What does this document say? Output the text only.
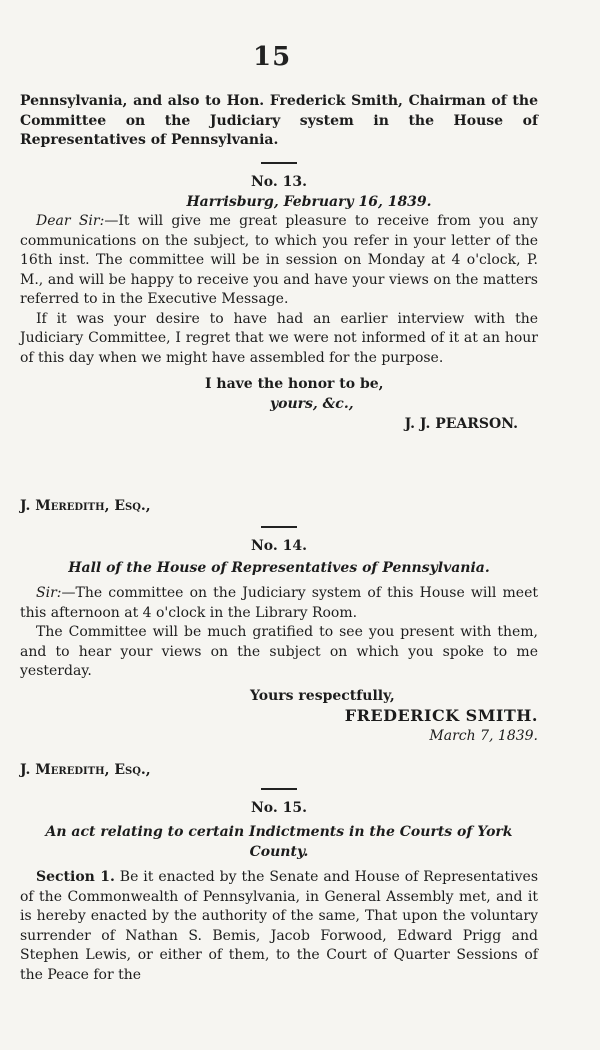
15

Pennsylvania, and also to Hon. Frederick Smith, Chairman of the Committee on the Judiciary system in the House of Representatives of Pennsylvania.

No. 13.
Harrisburg, February 16, 1839.

Dear Sir:—It will give me great pleasure to receive from you any communications on the subject, to which you refer in your letter of the 16th inst. The committee will be in session on Monday at 4 o'clock, P. M., and will be happy to receive you and have your views on the matters referred to in the Executive Message.

If it was your desire to have had an earlier interview with the Judiciary Committee, I regret that we were not informed of it at an hour of this day when we might have assembled for the purpose.

I have the honor to be,
yours, &c.,
J. J. PEARSON.
J. Meredith, Esq.,
No. 14.
Hall of the House of Representatives of Pennsylvania.

Sir:—The committee on the Judiciary system of this House will meet this afternoon at 4 o'clock in the Library Room.

The Committee will be much gratified to see you present with them, and to hear your views on the subject on which you spoke to me yesterday.

Yours respectfully,
FREDERICK SMITH.
March 7, 1839.
J. Meredith, Esq.,
No. 15.
An act relating to certain Indictments in the Courts of York
County.

Section 1. Be it enacted by the Senate and House of Representatives of the Commonwealth of Pennsylvania, in General Assembly met, and it is hereby enacted by the authority of the same, That upon the voluntary surrender of Nathan S. Bemis, Jacob Forwood, Edward Prigg and Stephen Lewis, or either of them, to the Court of Quarter Sessions of the Peace for the
